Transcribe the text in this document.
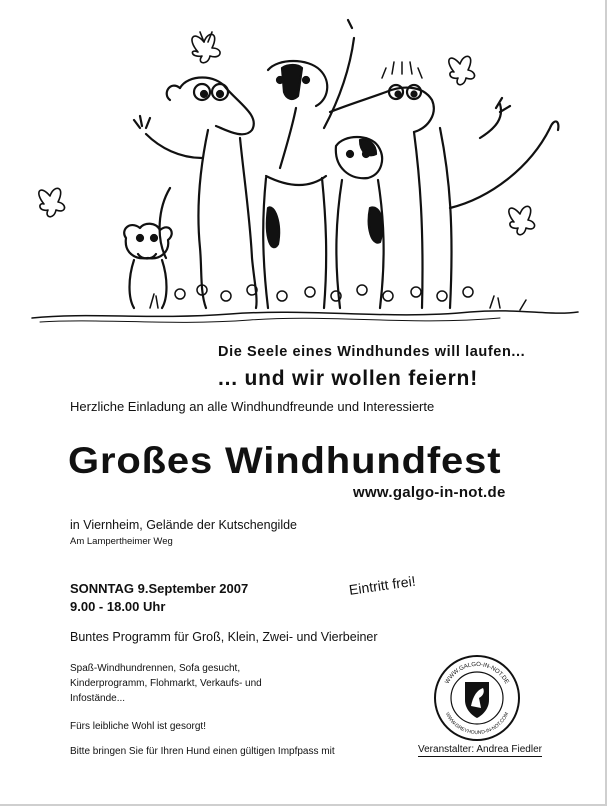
Die Seele eines Windhundes will laufen...
... und wir wollen feiern!
Herzliche Einladung an alle Windhundfreunde und Interessierte
Großes Windhundfest
www.galgo-in-not.de
in Viernheim, Gelände der Kutschengilde
Am Lampertheimer Weg
SONNTAG 9.September 2007
9.00 - 18.00 Uhr
Eintritt frei!
Buntes Programm für Groß, Klein, Zwei- und Vierbeiner
Spaß-Windhundrennen, Sofa gesucht, Kinderprogramm, Flohmarkt, Verkaufs- und Infostände...
Fürs leibliche Wohl ist gesorgt!
Bitte bringen Sie für Ihren Hund einen gültigen Impfpass mit	Veranstalter: Andrea Fiedler
WWW.GALGO-IN-NOT.DE
WWW.GREYHOUND-IN-NOT.COM
